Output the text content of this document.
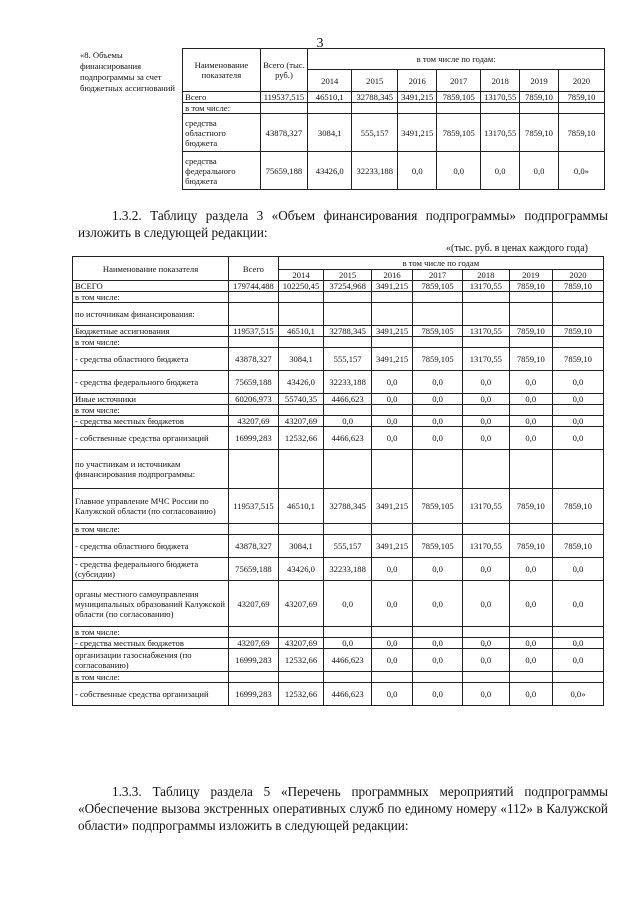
3
«8. Объемы финансирования подпрограммы за счет бюджетных ассигнований	Наименование показателя	Всего (тыс. руб.)	в том числе по годам:						
			2014	2015	2016	2017	2018	2019	2020
	Всего	119537,515	46510,1	32788,345	3491,215	7859,105	13170,55	7859,10	7859,10
	в том числе:								
	средства областного бюджета	43878,327	3084,1	555,157	3491,215	7859,105	13170,55	7859,10	7859,10
	средства федерального бюджета	75659,188	43426,0	32233,188	0,0	0,0	0,0	0,0	0,0»
1.3.2. Таблицу раздела 3 «Объем финансирования подпрограммы» подпрограммы изложить в следующей редакции:
«(тыс. руб. в ценах каждого года)
Наименование показателя	Всего	в том числе по годам						
		2014	2015	2016	2017	2018	2019	2020
ВСЕГО	179744,488	102250,45	37254,968	3491,215	7859,105	13170,55	7859,10	7859,10
в том числе:								
по источникам финансирования:								
Бюджетные ассигнования	119537,515	46510,1	32788,345	3491,215	7859,105	13170,55	7859,10	7859,10
в том числе:								
- средства областного бюджета	43878,327	3084,1	555,157	3491,215	7859,105	13170,55	7859,10	7859,10
- средства федерального бюджета	75659,188	43426,0	32233,188	0,0	0,0	0,0	0,0	0,0
Иные источники	60206,973	55740,35	4466,623	0,0	0,0	0,0	0,0	0,0
в том числе:								
- средства местных бюджетов	43207,69	43207,69	0,0	0,0	0,0	0,0	0,0	0,0
- собственные средства организаций	16999,283	12532,66	4466,623	0,0	0,0	0,0	0,0	0,0
по участникам и источникам финансирования подпрограммы:								
Главное управление МЧС России по Калужской области (по согласованию)	119537,515	46510,1	32788,345	3491,215	7859,105	13170,55	7859,10	7859,10
в том числе:								
- средства областного бюджета	43878,327	3084,1	555,157	3491,215	7859,105	13170,55	7859,10	7859,10
- средства федерального бюджета (субсидии)	75659,188	43426,0	32233,188	0,0	0,0	0,0	0,0	0,0
органы местного самоуправления муниципальных образований Калужской области (по согласованию)	43207,69	43207,69	0,0	0,0	0,0	0,0	0,0	0,0
в том числе:								
- средства местных бюджетов	43207,69	43207,69	0,0	0,0	0,0	0,0	0,0	0,0
организации газоснабжения (по согласованию)	16999,283	12532,66	4466,623	0,0	0,0	0,0	0,0	0,0
в том числе:								
- собственные средства организаций	16999,283	12532,66	4466,623	0,0	0,0	0,0	0,0	0,0»
1.3.3. Таблицу раздела 5 «Перечень программных мероприятий подпрограммы «Обеспечение вызова экстренных оперативных служб по единому номеру «112» в Калужской области» подпрограммы изложить в следующей редакции:
